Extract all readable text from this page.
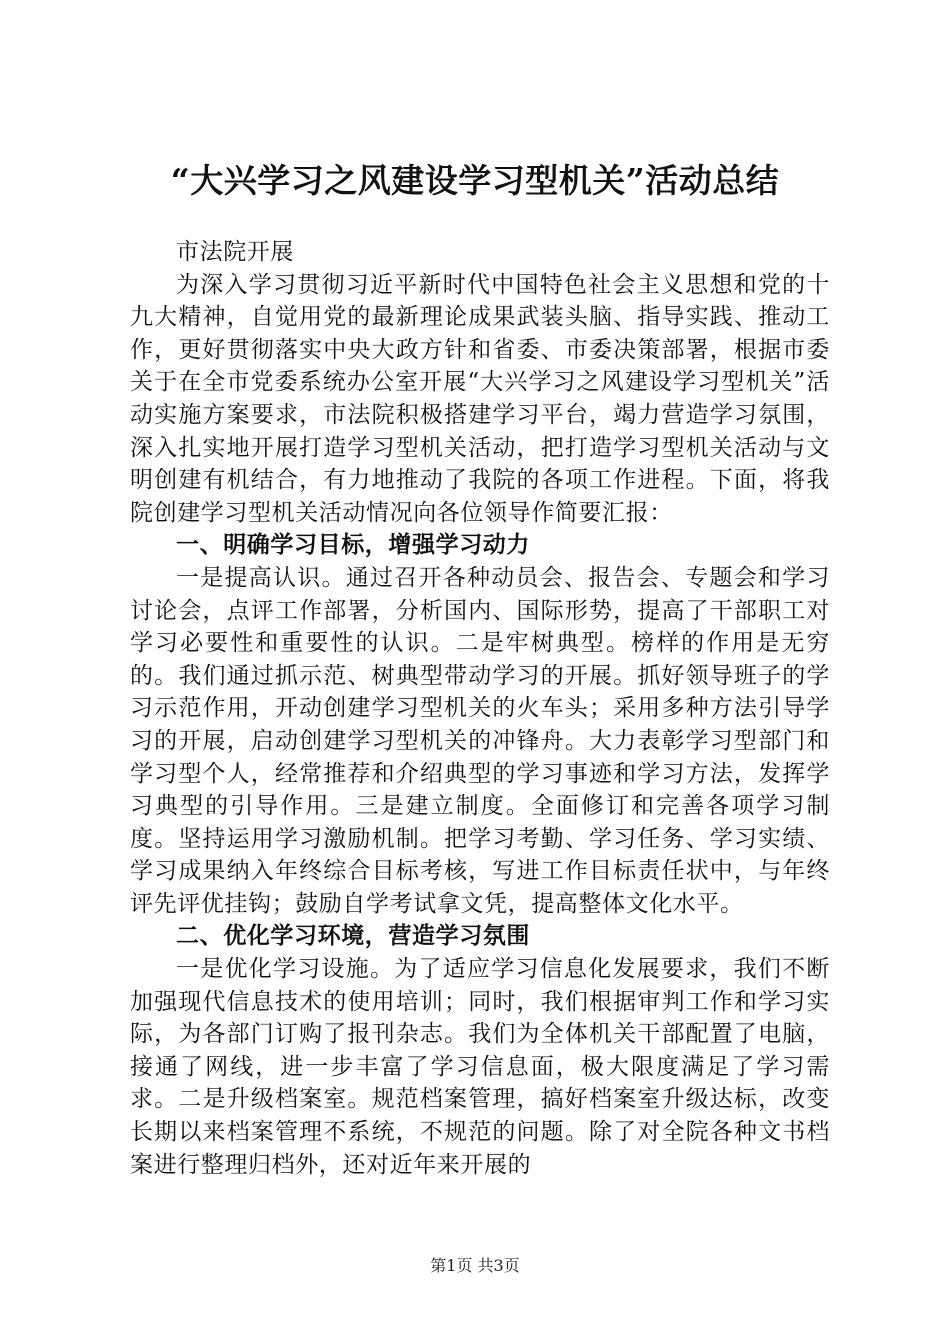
“大兴学习之风建设学习型机关”活动总结

市法院开展

为深入学习贯彻习近平新时代中国特色社会主义思想和党的十九大精神，自觉用党的最新理论成果武装头脑、指导实践、推动工作，更好贯彻落实中央大政方针和省委、市委决策部署，根据市委关于在全市党委系统办公室开展“大兴学习之风建设学习型机关”活动实施方案要求，市法院积极搭建学习平台，竭力营造学习氛围，深入扎实地开展打造学习型机关活动，把打造学习型机关活动与文明创建有机结合，有力地推动了我院的各项工作进程。下面，将我院创建学习型机关活动情况向各位领导作简要汇报：

一、明确学习目标，增强学习动力

一是提高认识。通过召开各种动员会、报告会、专题会和学习讨论会，点评工作部署，分析国内、国际形势，提高了干部职工对学习必要性和重要性的认识。二是牢树典型。榜样的作用是无穷的。我们通过抓示范、树典型带动学习的开展。抓好领导班子的学习示范作用，开动创建学习型机关的火车头；采用多种方法引导学习的开展，启动创建学习型机关的冲锋舟。大力表彰学习型部门和学习型个人，经常推荐和介绍典型的学习事迹和学习方法，发挥学习典型的引导作用。三是建立制度。全面修订和完善各项学习制度。坚持运用学习激励机制。把学习考勤、学习任务、学习实绩、学习成果纳入年终综合目标考核，写进工作目标责任状中，与年终评先评优挂钩；鼓励自学考试拿文凭，提高整体文化水平。

二、优化学习环境，营造学习氛围

一是优化学习设施。为了适应学习信息化发展要求，我们不断加强现代信息技术的使用培训；同时，我们根据审判工作和学习实际，为各部门订购了报刊杂志。我们为全体机关干部配置了电脑，接通了网线，进一步丰富了学习信息面，极大限度满足了学习需求。二是升级档案室。规范档案管理，搞好档案室升级达标，改变长期以来档案管理不系统，不规范的问题。除了对全院各种文书档案进行整理归档外，还对近年来开展的

第1页 共3页
